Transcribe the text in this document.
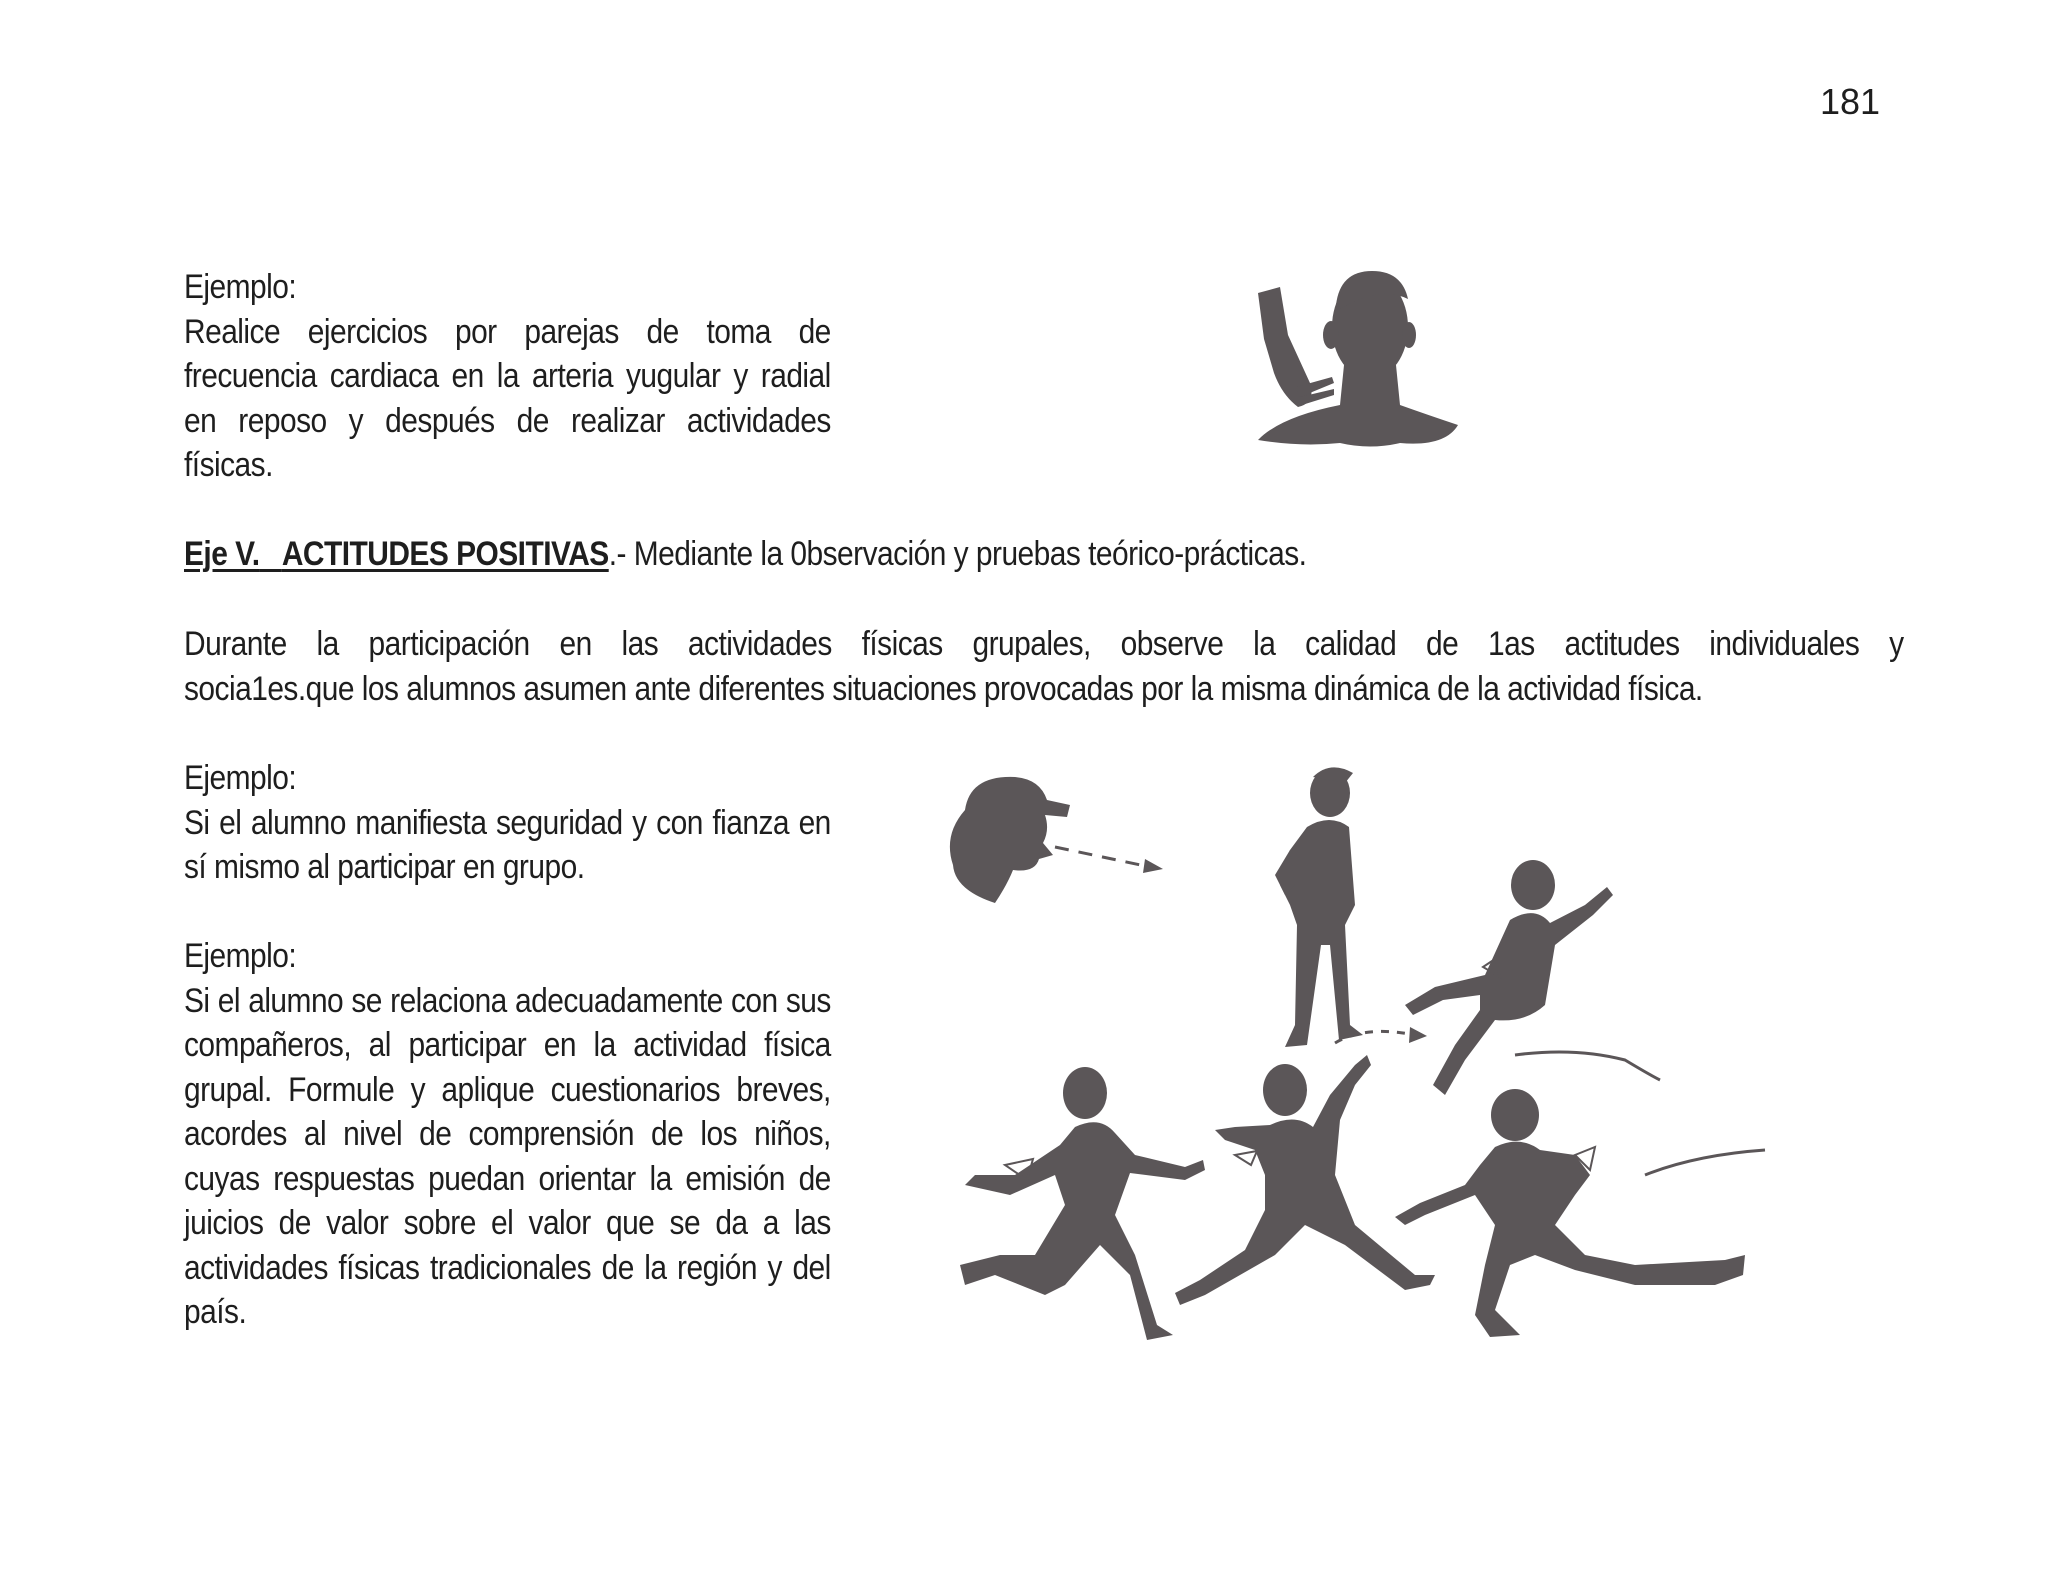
181

Ejemplo:

Realice ejercicios por parejas de toma de frecuencia cardiaca en la arteria yugular y radial en reposo y después de realizar actividades físicas.

Eje V. ACTITUDES POSITIVAS.- Mediante la 0bservación y pruebas teórico-prácticas.
Durante la participación en las actividades físicas grupales, observe la calidad de 1as actitudes individuales y
socia1es.que los alumnos asumen ante diferentes situaciones provocadas por la misma dinámica de la actividad física.

Ejemplo:

Si el alumno manifiesta seguridad y con fianza en sí mismo al participar en grupo.

Ejemplo:

Si el alumno se relaciona adecuadamente con sus compañeros, al participar en la actividad física grupal. Formule y aplique cuestionarios breves, acordes al nivel de comprensión de los niños, cuyas respuestas puedan orientar la emisión de juicios de valor sobre el valor que se da a las actividades físicas tradicionales de la región y del país.
